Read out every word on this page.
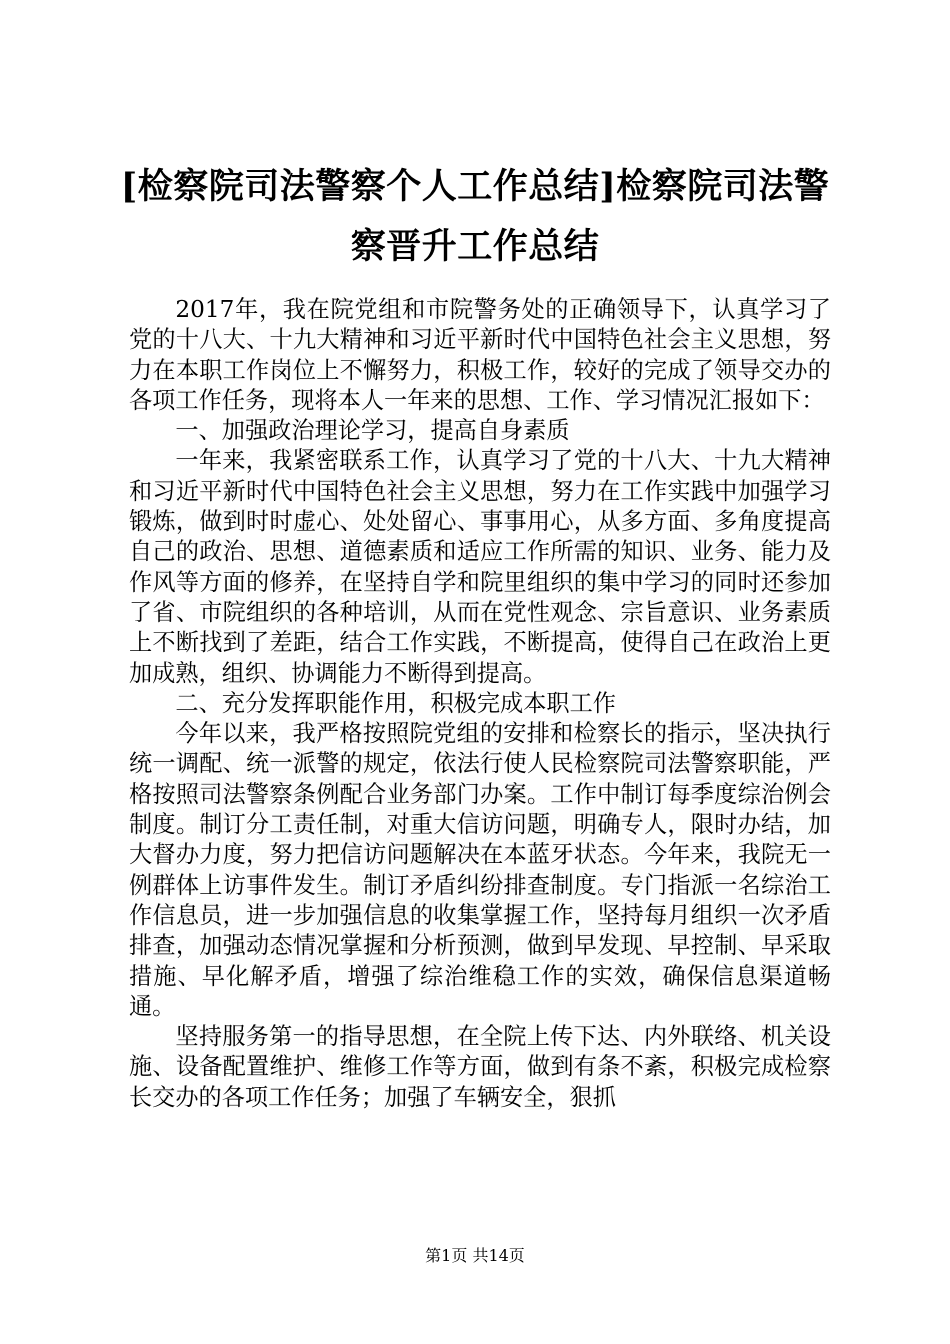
[检察院司法警察个人工作总结]检察院司法警
察晋升工作总结

2017年，我在院党组和市院警务处的正确领导下，认真学习了党的十八大、十九大精神和习近平新时代中国特色社会主义思想，努力在本职工作岗位上不懈努力，积极工作，较好的完成了领导交办的各项工作任务，现将本人一年来的思想、工作、学习情况汇报如下：

一、加强政治理论学习，提高自身素质

一年来，我紧密联系工作，认真学习了党的十八大、十九大精神和习近平新时代中国特色社会主义思想，努力在工作实践中加强学习锻炼，做到时时虚心、处处留心、事事用心，从多方面、多角度提高自己的政治、思想、道德素质和适应工作所需的知识、业务、能力及作风等方面的修养，在坚持自学和院里组织的集中学习的同时还参加了省、市院组织的各种培训，从而在党性观念、宗旨意识、业务素质上不断找到了差距，结合工作实践，不断提高，使得自己在政治上更加成熟，组织、协调能力不断得到提高。

二、充分发挥职能作用，积极完成本职工作

今年以来，我严格按照院党组的安排和检察长的指示，坚决执行统一调配、统一派警的规定，依法行使人民检察院司法警察职能，严格按照司法警察条例配合业务部门办案。工作中制订每季度综治例会制度。制订分工责任制，对重大信访问题，明确专人，限时办结，加大督办力度，努力把信访问题解决在本蓝牙状态。今年来，我院无一例群体上访事件发生。制订矛盾纠纷排查制度。专门指派一名综治工作信息员，进一步加强信息的收集掌握工作，坚持每月组织一次矛盾排查，加强动态情况掌握和分析预测，做到早发现、早控制、早采取措施、早化解矛盾，增强了综治维稳工作的实效，确保信息渠道畅通。

坚持服务第一的指导思想，在全院上传下达、内外联络、机关设施、设备配置维护、维修工作等方面，做到有条不紊，积极完成检察长交办的各项工作任务；加强了车辆安全，狠抓

第1页 共14页
